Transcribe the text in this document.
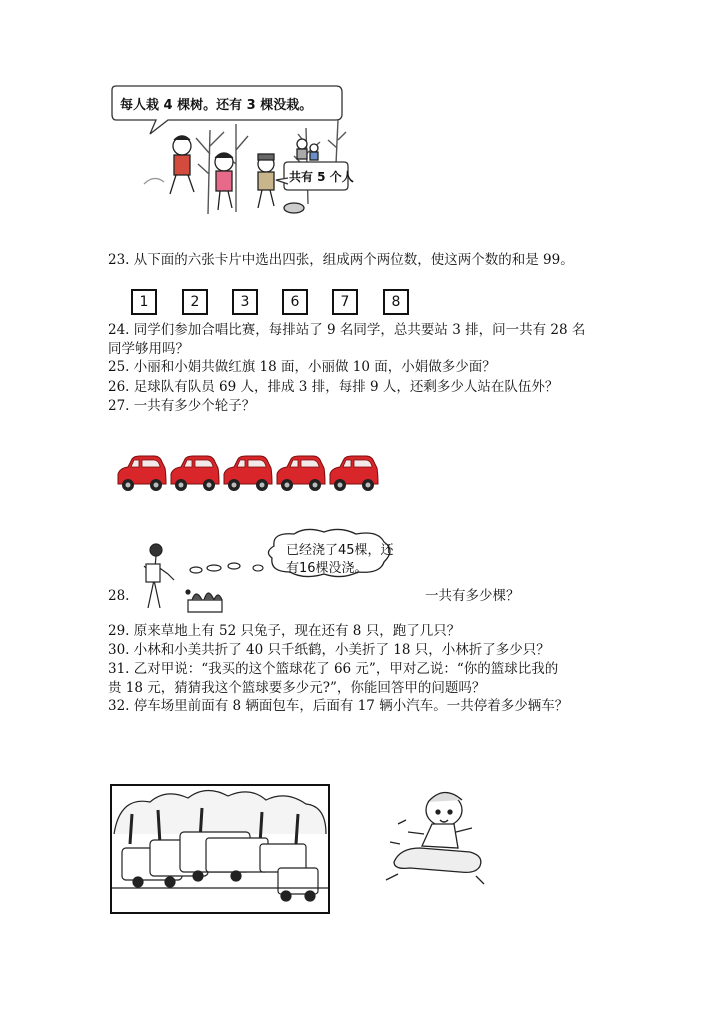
每人栽 4 棵树。还有 3 棵没栽。
共有 5 个人
23. 从下面的六张卡片中选出四张，组成两个两位数，使这两个数的和是 99。
1	2	3	6	7	8
24. 同学们参加合唱比赛，每排站了 9 名同学，总共要站 3 排，问一共有 28 名
同学够用吗？
25. 小丽和小娟共做红旗 18 面，小丽做 10 面，小娟做多少面？
26. 足球队有队员 69 人，排成 3 排，每排 9 人，还剩多少人站在队伍外？
27. 一共有多少个轮子？
已经浇了45棵，还
有16棵没浇。
28.	一共有多少棵？
29. 原来草地上有 52 只兔子，现在还有 8 只，跑了几只？
30. 小林和小美共折了 40 只千纸鹤，小美折了 18 只，小林折了多少只？
31. 乙对甲说：“我买的这个篮球花了 66 元”，甲对乙说：“你的篮球比我的
贵 18 元，猜猜我这个篮球要多少元?”，你能回答甲的问题吗？
32. 停车场里前面有 8 辆面包车，后面有 17 辆小汽车。一共停着多少辆车？
